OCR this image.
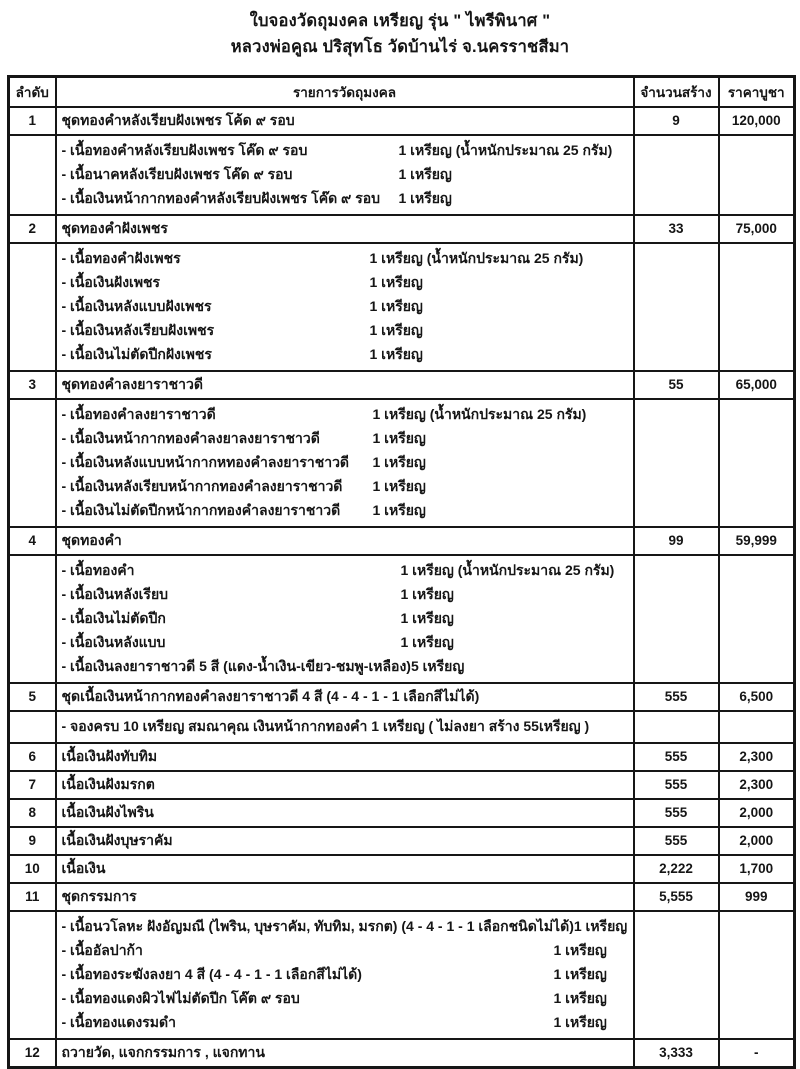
ใบจองวัดถุมงคล เหรียญ รุ่น " ไพรีพินาศ "
หลวงพ่อคูณ ปริสุทโธ วัดบ้านไร่ จ.นครราชสีมา
ลำดับ	รายการวัดถุมงคล	จำนวนสร้าง	ราคาบูชา
1	ชุดทองคำหลังเรียบฝังเพชร โค้ด ๙ รอบ	9	120,000

- เนื้อทองคำหลังเรียบฝังเพชร โค๊ด ๙ รอบ	1 เหรียญ (น้ำหนักประมาณ 25 กรัม)
- เนื้อนาคหลังเรียบฝังเพชร โค๊ด ๙ รอบ	1 เหรียญ
- เนื้อเงินหน้ากากทองคำหลังเรียบฝังเพชร โค๊ด ๙ รอบ	1 เหรียญ

2	ชุดทองคำฝังเพชร	33	75,000

- เนื้อทองคำฝังเพชร	1 เหรียญ (น้ำหนักประมาณ 25 กรัม)
- เนื้อเงินฝังเพชร	1 เหรียญ
- เนื้อเงินหลังแบบฝังเพชร	1 เหรียญ
- เนื้อเงินหลังเรียบฝังเพชร	1 เหรียญ
- เนื้อเงินไม่ตัดปีกฝังเพชร	1 เหรียญ

3	ชุดทองคำลงยาราชาวดี	55	65,000

- เนื้อทองคำลงยาราชาวดี	1 เหรียญ (น้ำหนักประมาณ 25 กรัม)
- เนื้อเงินหน้ากากทองคำลงยาลงยาราชาวดี	1 เหรียญ
- เนื้อเงินหลังแบบหน้ากากหทองคำลงยาราชาวดี	1 เหรียญ
- เนื้อเงินหลังเรียบหน้ากากทองคำลงยาราชาวดี	1 เหรียญ
- เนื้อเงินไม่ตัดปีกหน้ากากทองคำลงยาราชาวดี	1 เหรียญ

4	ชุดทองคำ	99	59,999

- เนื้อทองคำ	1 เหรียญ (น้ำหนักประมาณ 25 กรัม)
- เนื้อเงินหลังเรียบ	1 เหรียญ
- เนื้อเงินไม่ตัดปีก	1 เหรียญ
- เนื้อเงินหลังแบบ	1 เหรียญ
- เนื้อเงินลงยาราชาวดี 5 สี (แดง-น้ำเงิน-เขียว-ชมพู-เหลือง) 5 เหรียญ

5	ชุดเนื้อเงินหน้ากากทองคำลงยาราชาวดี 4 สี (4 - 4 - 1 - 1 เลือกสีไม่ได้)	555	6,500

	- จองครบ 10 เหรียญ สมณาคุณ เงินหน้ากากทองคำ 1 เหรียญ ( ไม่ลงยา สร้าง 55เหรียญ )		

6	เนื้อเงินฝังทับทิม	555	2,300
7	เนื้อเงินฝังมรกต	555	2,300
8	เนื้อเงินฝังไพริน	555	2,000
9	เนื้อเงินฝังบุษราคัม	555	2,000
10	เนื้อเงิน	2,222	1,700
11	ชุดกรรมการ	5,555	999

- เนื้อนวโลหะ ฝังอัญมณี (ไพริน, บุษราคัม, ทับทิม, มรกต) (4 - 4 - 1 - 1 เลือกชนิดไม่ได้) 1 เหรียญ
- เนื้ออัลปาก้า	1 เหรียญ
- เนื้อทองระฆังลงยา 4 สี (4 - 4 - 1 - 1 เลือกสีไม่ได้)	1 เหรียญ
- เนื้อทองแดงผิวไฟไม่ตัดปีก โค๊ต ๙ รอบ	1 เหรียญ
- เนื้อทองแดงรมดำ	1 เหรียญ

12	ถวายวัด, แจกกรรมการ , แจกทาน	3,333	-
